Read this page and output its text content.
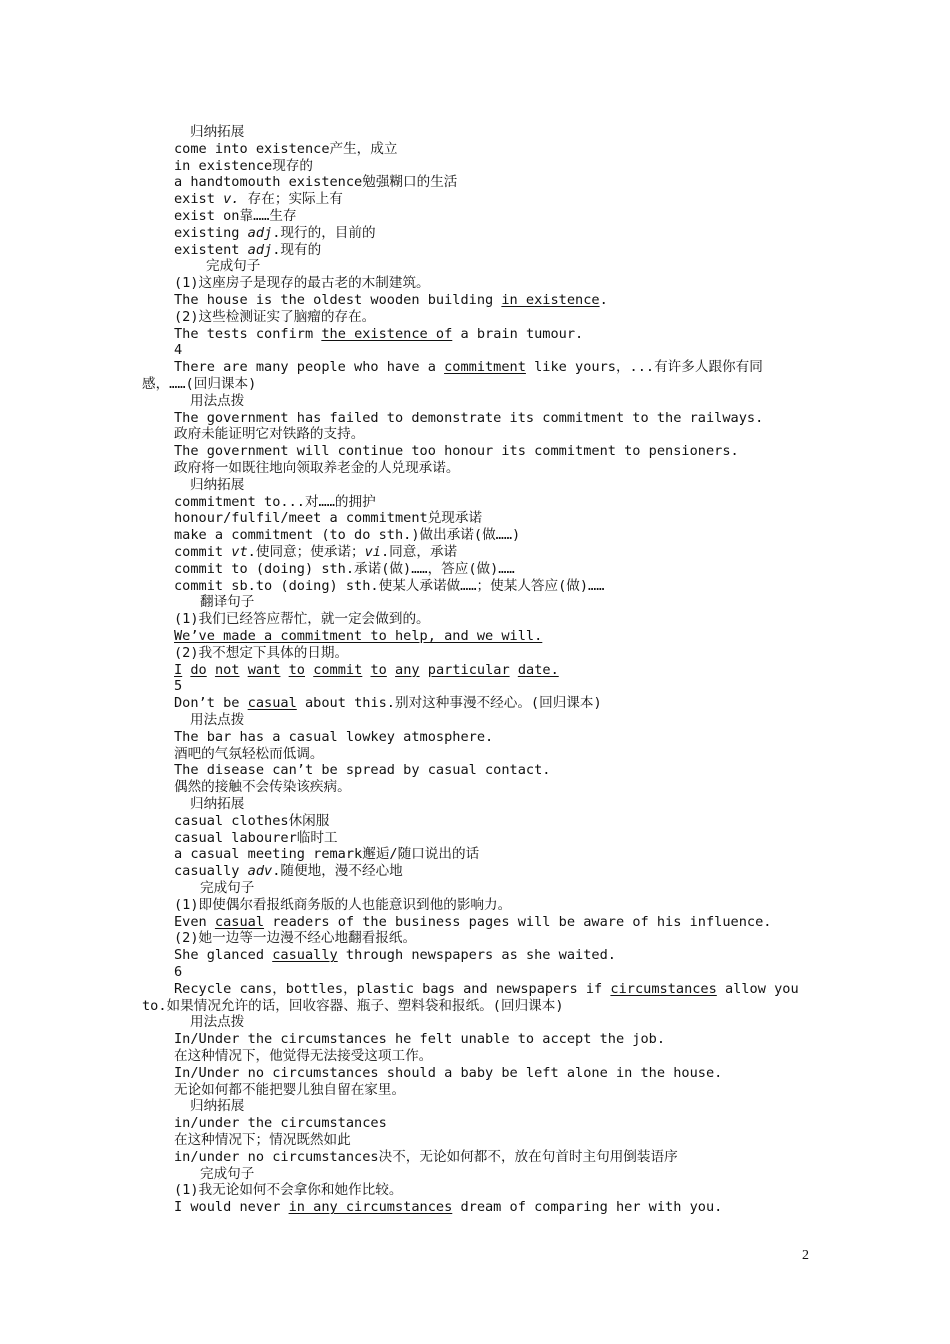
归纳拓展
come into existence产生，成立
in existence现存的
a handtomouth existence勉强糊口的生活
exist v. 存在；实际上有
exist on靠……生存
existing adj.现行的，目前的
existent adj.现有的
完成句子
(1)这座房子是现存的最古老的木制建筑。
The house is the oldest wooden building in existence.
(2)这些检测证实了脑瘤的存在。
The tests confirm the existence of a brain tumour.
4
There are many people who have a commitment like yours，...有许多人跟你有同
感，……(回归课本)
用法点拨
The government has failed to demonstrate its commitment to the railways.
政府未能证明它对铁路的支持。
The government will continue too honour its commitment to pensioners.
政府将一如既往地向领取养老金的人兑现承诺。
归纳拓展
commitment to...对……的拥护
honour/fulfil/meet a commitment兑现承诺
make a commitment (to do sth.)做出承诺(做……)
commit vt.使同意；使承诺；vi.同意，承诺
commit to (doing) sth.承诺(做)……，答应(做)……
commit sb.to (doing) sth.使某人承诺做……；使某人答应(做)……
翻译句子
(1)我们已经答应帮忙，就一定会做到的。
We’ve made a commitment to help, and we will.
(2)我不想定下具体的日期。
I do not want to commit to any particular date.
5
Don’t be casual about this.别对这种事漫不经心。(回归课本)
用法点拨
The bar has a casual lowkey atmosphere.
酒吧的气氛轻松而低调。
The disease can’t be spread by casual contact.
偶然的接触不会传染该疾病。
归纳拓展
casual clothes休闲服
casual labourer临时工
a casual meeting remark邂逅/随口说出的话
casually adv.随便地，漫不经心地
完成句子
(1)即使偶尔看报纸商务版的人也能意识到他的影响力。
Even casual readers of the business pages will be aware of his influence.
(2)她一边等一边漫不经心地翻看报纸。
She glanced casually through newspapers as she waited.
6
Recycle cans，bottles，plastic bags and newspapers if circumstances allow you
to.如果情况允许的话，回收容器、瓶子、塑料袋和报纸。(回归课本)
用法点拨
In/Under the circumstances he felt unable to accept the job.
在这种情况下，他觉得无法接受这项工作。
In/Under no circumstances should a baby be left alone in the house.
无论如何都不能把婴儿独自留在家里。
归纳拓展
in/under the circumstances
在这种情况下；情况既然如此
in/under no circumstances决不，无论如何都不，放在句首时主句用倒装语序
完成句子
(1)我无论如何不会拿你和她作比较。
I would never in any circumstances dream of comparing her with you.
2
